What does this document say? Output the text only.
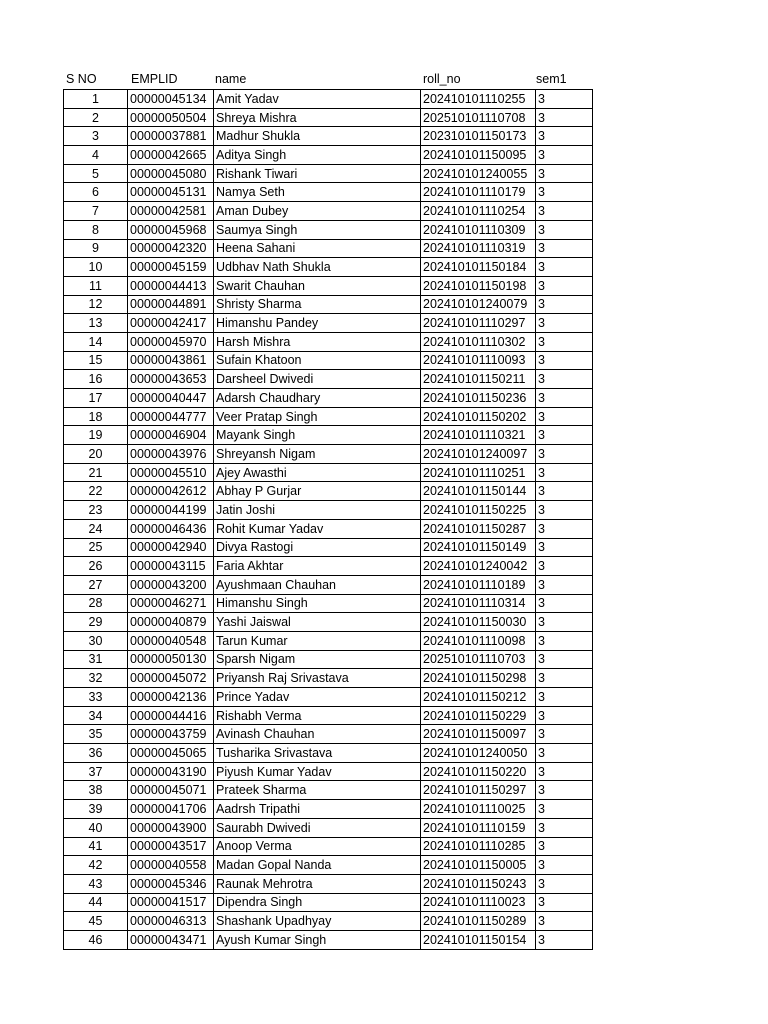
S NO	EMPLID	name	roll_no	sem1
1	00000045134	Amit Yadav	202410101110255	3
2	00000050504	Shreya Mishra	202510101110708	3
3	00000037881	Madhur Shukla	202310101150173	3
4	00000042665	Aditya Singh	202410101150095	3
5	00000045080	Rishank Tiwari	202410101240055	3
6	00000045131	Namya Seth	202410101110179	3
7	00000042581	Aman Dubey	202410101110254	3
8	00000045968	Saumya Singh	202410101110309	3
9	00000042320	Heena Sahani	202410101110319	3
10	00000045159	Udbhav Nath Shukla	202410101150184	3
11	00000044413	Swarit Chauhan	202410101150198	3
12	00000044891	Shristy Sharma	202410101240079	3
13	00000042417	Himanshu Pandey	202410101110297	3
14	00000045970	Harsh Mishra	202410101110302	3
15	00000043861	Sufain Khatoon	202410101110093	3
16	00000043653	Darsheel Dwivedi	202410101150211	3
17	00000040447	Adarsh Chaudhary	202410101150236	3
18	00000044777	Veer Pratap Singh	202410101150202	3
19	00000046904	Mayank Singh	202410101110321	3
20	00000043976	Shreyansh Nigam	202410101240097	3
21	00000045510	Ajey Awasthi	202410101110251	3
22	00000042612	Abhay P Gurjar	202410101150144	3
23	00000044199	Jatin Joshi	202410101150225	3
24	00000046436	Rohit Kumar Yadav	202410101150287	3
25	00000042940	Divya Rastogi	202410101150149	3
26	00000043115	Faria Akhtar	202410101240042	3
27	00000043200	Ayushmaan Chauhan	202410101110189	3
28	00000046271	Himanshu Singh	202410101110314	3
29	00000040879	Yashi Jaiswal	202410101150030	3
30	00000040548	Tarun Kumar	202410101110098	3
31	00000050130	Sparsh Nigam	202510101110703	3
32	00000045072	Priyansh Raj Srivastava	202410101150298	3
33	00000042136	Prince Yadav	202410101150212	3
34	00000044416	Rishabh Verma	202410101150229	3
35	00000043759	Avinash Chauhan	202410101150097	3
36	00000045065	Tusharika Srivastava	202410101240050	3
37	00000043190	Piyush Kumar Yadav	202410101150220	3
38	00000045071	Prateek Sharma	202410101150297	3
39	00000041706	Aadrsh Tripathi	202410101110025	3
40	00000043900	Saurabh Dwivedi	202410101110159	3
41	00000043517	Anoop Verma	202410101110285	3
42	00000040558	Madan Gopal Nanda	202410101150005	3
43	00000045346	Raunak Mehrotra	202410101150243	3
44	00000041517	Dipendra Singh	202410101110023	3
45	00000046313	Shashank Upadhyay	202410101150289	3
46	00000043471	Ayush Kumar Singh	202410101150154	3
